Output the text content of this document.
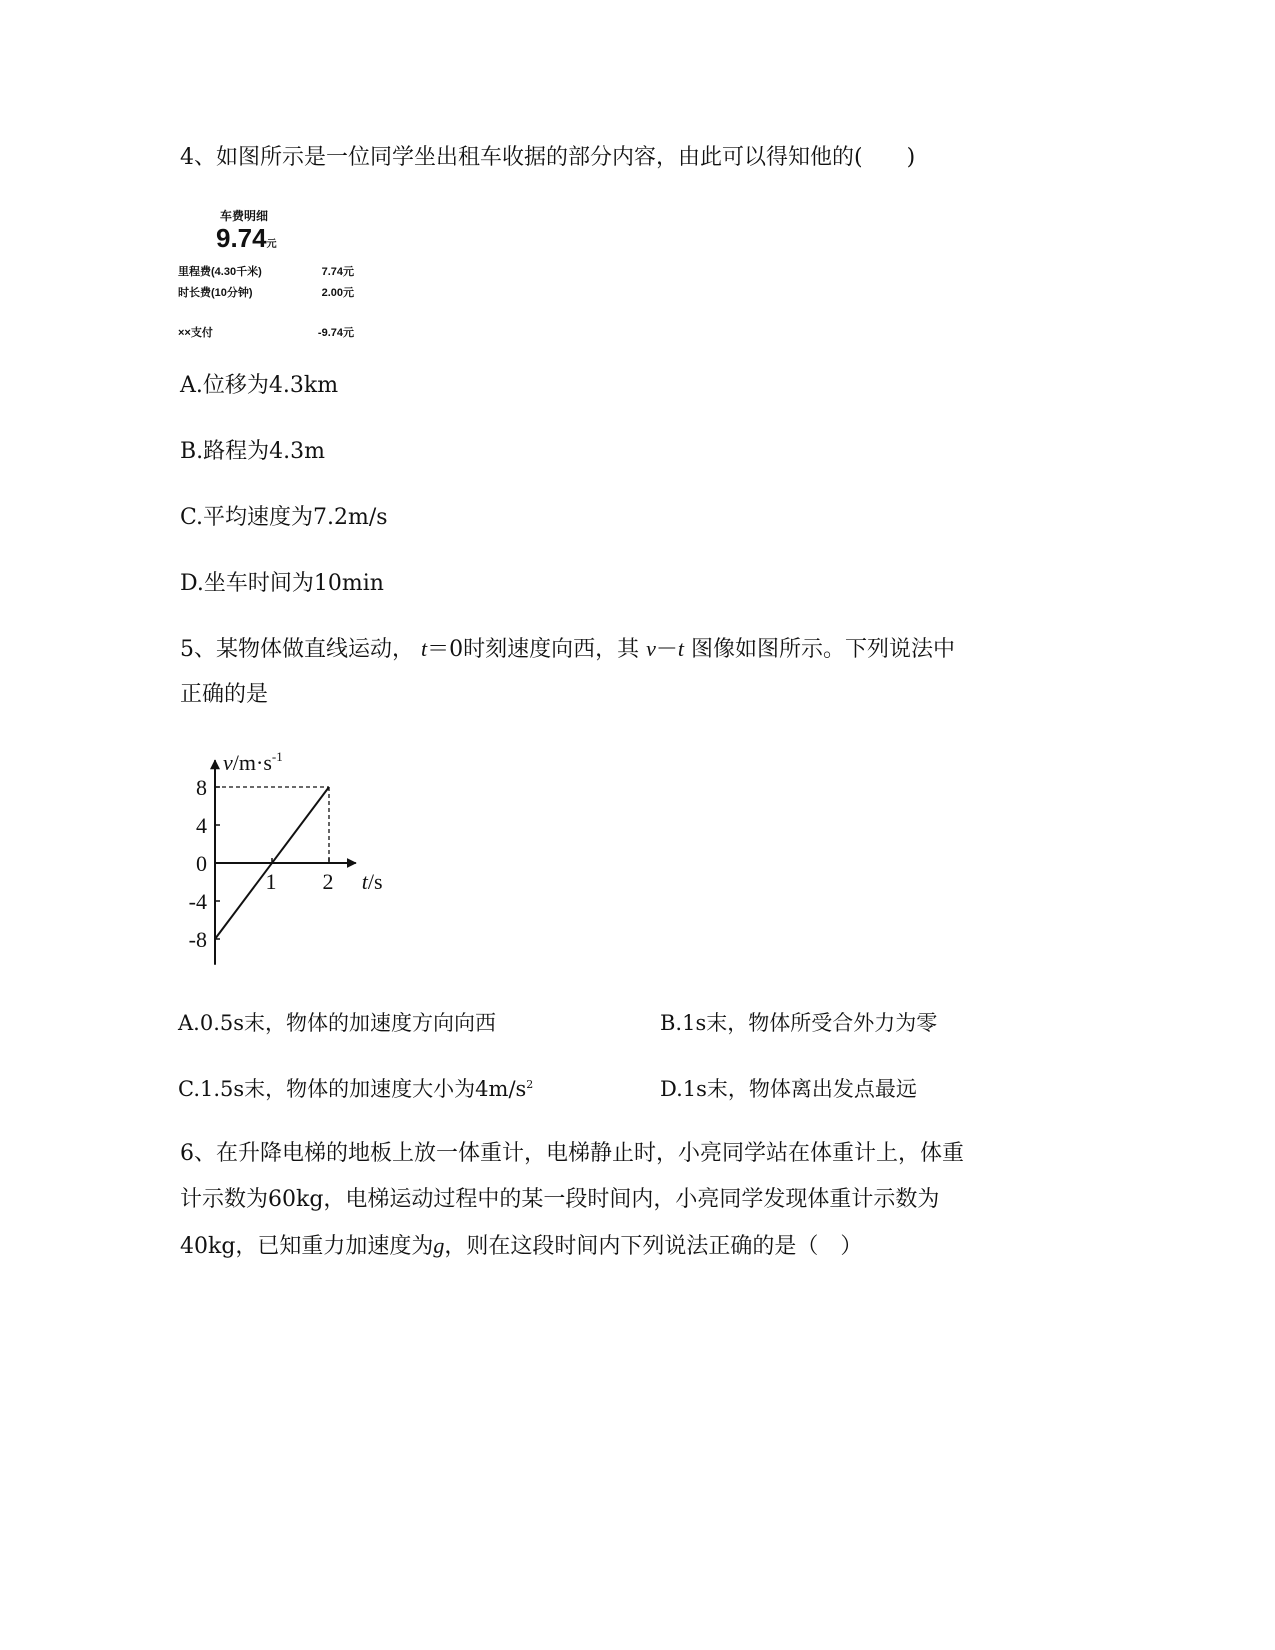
4、如图所示是一位同学坐出租车收据的部分内容，由此可以得知他的(　　)
车费明细
9.74元
里程费(4.30千米)	7.74元
时长费(10分钟)	2.00元
××支付	-9.74元
A.位移为4.3km
B.路程为4.3m
C.平均速度为7.2m/s
D.坐车时间为10min
5、某物体做直线运动， t＝0时刻速度向西，其 v－t 图像如图所示。下列说法中
正确的是
8
4
0
-4
-8
1 2
$v/m\cdot s^{-1}$
t/s
A.0.5s末，物体的加速度方向向西	B.1s末，物体所受合外力为零
C.1.5s末，物体的加速度大小为$4m/s^2$	D.1s末，物体离出发点最远
6、在升降电梯的地板上放一体重计，电梯静止时，小亮同学站在体重计上，体重
计示数为60kg，电梯运动过程中的某一段时间内，小亮同学发现体重计示数为
40kg，已知重力加速度为g，则在这段时间内下列说法正确的是（　）
